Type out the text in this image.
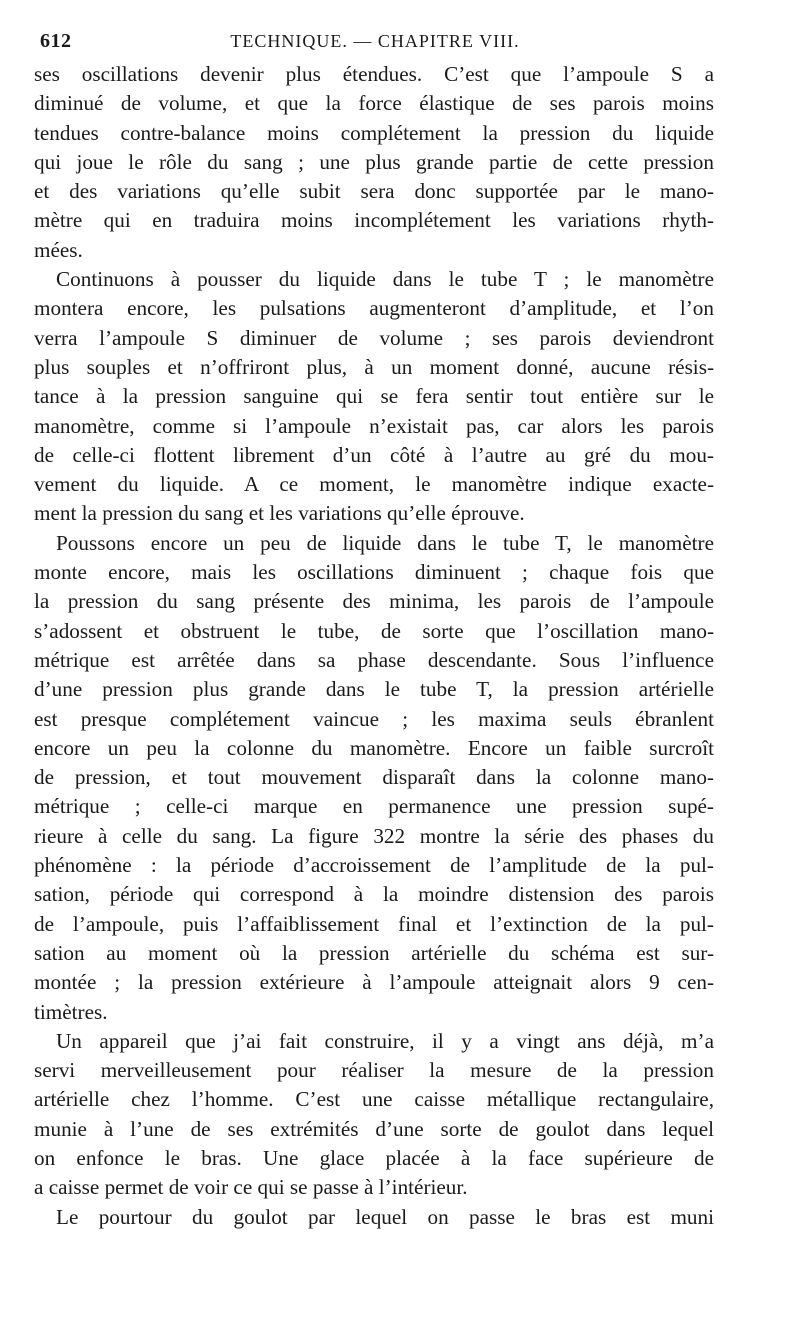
612	TECHNIQUE. — CHAPITRE VIII.
ses oscillations devenir plus étendues. C’est que l’ampoule S a
diminué de volume, et que la force élastique de ses parois moins
tendues contre-balance moins complétement la pression du liquide
qui joue le rôle du sang ; une plus grande partie de cette pression
et des variations qu’elle subit sera donc supportée par le mano-
mètre qui en traduira moins incomplétement les variations rhyth-
mées.
Continuons à pousser du liquide dans le tube T ; le manomètre
montera encore, les pulsations augmenteront d’amplitude, et l’on
verra l’ampoule S diminuer de volume ; ses parois deviendront
plus souples et n’offriront plus, à un moment donné, aucune résis-
tance à la pression sanguine qui se fera sentir tout entière sur le
manomètre, comme si l’ampoule n’existait pas, car alors les parois
de celle-ci flottent librement d’un côté à l’autre au gré du mou-
vement du liquide. A ce moment, le manomètre indique exacte-
ment la pression du sang et les variations qu’elle éprouve.
Poussons encore un peu de liquide dans le tube T, le manomètre
monte encore, mais les oscillations diminuent ; chaque fois que
la pression du sang présente des minima, les parois de l’ampoule
s’adossent et obstruent le tube, de sorte que l’oscillation mano-
métrique est arrêtée dans sa phase descendante. Sous l’influence
d’une pression plus grande dans le tube T, la pression artérielle
est presque complétement vaincue ; les maxima seuls ébranlent
encore un peu la colonne du manomètre. Encore un faible surcroît
de pression, et tout mouvement disparaît dans la colonne mano-
métrique ; celle-ci marque en permanence une pression supé-
rieure à celle du sang. La figure 322 montre la série des phases du
phénomène : la période d’accroissement de l’amplitude de la pul-
sation, période qui correspond à la moindre distension des parois
de l’ampoule, puis l’affaiblissement final et l’extinction de la pul-
sation au moment où la pression artérielle du schéma est sur-
montée ; la pression extérieure à l’ampoule atteignait alors 9 cen-
timètres.
Un appareil que j’ai fait construire, il y a vingt ans déjà, m’a
servi merveilleusement pour réaliser la mesure de la pression
artérielle chez l’homme. C’est une caisse métallique rectangulaire,
munie à l’une de ses extrémités d’une sorte de goulot dans lequel
on enfonce le bras. Une glace placée à la face supérieure de
a caisse permet de voir ce qui se passe à l’intérieur.
Le pourtour du goulot par lequel on passe le bras est muni
